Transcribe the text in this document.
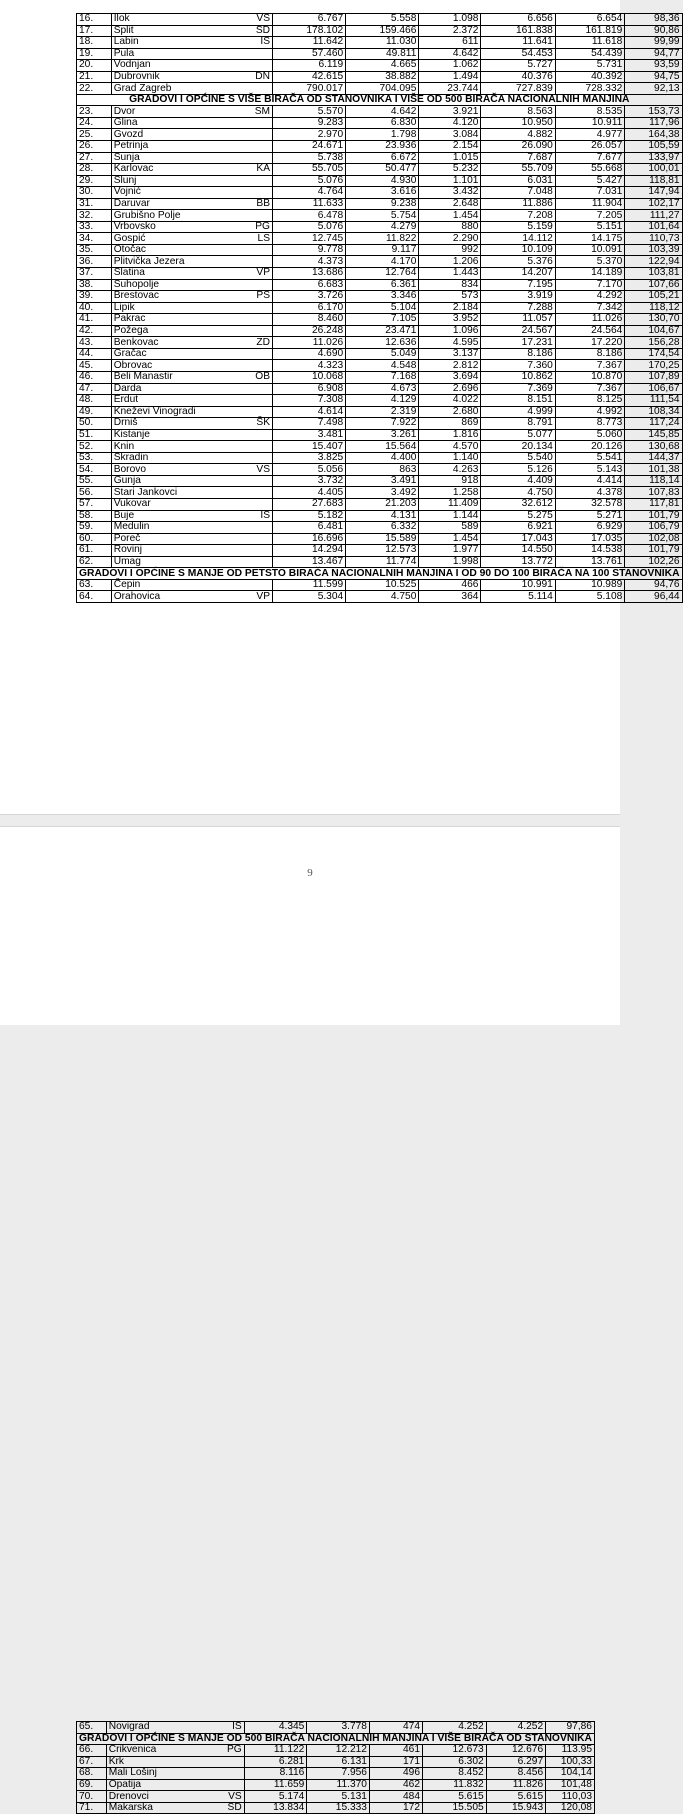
16.	Ilok	VS	6.767	5.558	1.098	6.656	6.654	98,36
17.	Split	SD	178.102	159.466	2.372	161.838	161.819	90,86
18.	Labin	IS	11.642	11.030	611	11.641	11.618	99,99
19.	Pula		57.460	49.811	4.642	54.453	54.439	94,77
20.	Vodnjan		6.119	4.665	1.062	5.727	5.731	93,59
21.	Dubrovnik	DN	42.615	38.882	1.494	40.376	40.392	94,75
22.	Grad Zagreb		790.017	704.095	23.744	727.839	728.332	92,13
GRADOVI I OPĆINE S VIŠE BIRAČA OD STANOVNIKA I VIŠE OD 500 BIRAČA NACIONALNIH MANJINA								
23.	Dvor	SM	5.570	4.642	3.921	8.563	8.535	153,73
24.	Glina		9.283	6.830	4.120	10.950	10.911	117,96
25.	Gvozd		2.970	1.798	3.084	4.882	4.977	164,38
26.	Petrinja		24.671	23.936	2.154	26.090	26.057	105,59
27.	Sunja		5.738	6.672	1.015	7.687	7.677	133,97
28.	Karlovac	KA	55.705	50.477	5.232	55.709	55.668	100,01
29.	Slunj		5.076	4.930	1.101	6.031	5.427	118,81
30.	Vojnić		4.764	3.616	3.432	7.048	7.031	147,94
31.	Daruvar	BB	11.633	9.238	2.648	11.886	11.904	102,17
32.	Grubišno Polje		6.478	5.754	1.454	7.208	7.205	111,27
33.	Vrbovsko	PG	5.076	4.279	880	5.159	5.151	101,64
34.	Gospić	LS	12.745	11.822	2.290	14.112	14.175	110,73
35.	Otočac		9.778	9.117	992	10.109	10.091	103,39
36.	Plitvička Jezera		4.373	4.170	1.206	5.376	5.370	122,94
37.	Slatina	VP	13.686	12.764	1.443	14.207	14.189	103,81
38.	Suhopolje		6.683	6.361	834	7.195	7.170	107,66
39.	Brestovac	PS	3.726	3.346	573	3.919	4.292	105,21
40.	Lipik		6.170	5.104	2.184	7.288	7.342	118,12
41.	Pakrac		8.460	7.105	3.952	11.057	11.026	130,70
42.	Požega		26.248	23.471	1.096	24.567	24.564	104,67
43.	Benkovac	ZD	11.026	12.636	4.595	17.231	17.220	156,28
44.	Gračac		4.690	5.049	3.137	8.186	8.186	174,54
45.	Obrovac		4.323	4.548	2.812	7.360	7.367	170,25
46.	Beli Manastir	OB	10.068	7.168	3.694	10.862	10.870	107,89
47.	Darda		6.908	4.673	2.696	7.369	7.367	106,67
48.	Erdut		7.308	4.129	4.022	8.151	8.125	111,54
49.	Kneževi Vinogradi		4.614	2.319	2.680	4.999	4.992	108,34
50.	Drniš	ŠK	7.498	7.922	869	8.791	8.773	117,24
51.	Kistanje		3.481	3.261	1.816	5.077	5.060	145,85
52.	Knin		15.407	15.564	4.570	20.134	20.126	130,68
53.	Skradin		3.825	4.400	1.140	5.540	5.541	144,37
54.	Borovo	VS	5.056	863	4.263	5.126	5.143	101,38
55.	Gunja		3.732	3.491	918	4.409	4.414	118,14
56.	Stari Jankovci		4.405	3.492	1.258	4.750	4.378	107,83
57.	Vukovar		27.683	21.203	11.409	32.612	32.578	117,81
58.	Buje	IS	5.182	4.131	1.144	5.275	5.271	101,79
59.	Medulin		6.481	6.332	589	6.921	6.929	106,79
60.	Poreč		16.696	15.589	1.454	17.043	17.035	102,08
61.	Rovinj		14.294	12.573	1.977	14.550	14.538	101,79
62.	Umag		13.467	11.774	1.998	13.772	13.761	102,26
GRADOVI I OPĆINE S MANJE OD PETSTO BIRAČA NACIONALNIH MANJINA I OD 90 DO 100 BIRAČA NA 100 STANOVNIKA								
63.	Čepin		11.599	10.525	466	10.991	10.989	94,76
64.	Orahovica	VP	5.304	4.750	364	5.114	5.108	96,44
9
65.	Novigrad	IS	4.345	3.778	474	4.252	4.252	97,86
GRADOVI I OPĆINE S MANJE OD 500 BIRAČA NACIONALNIH MANJINA I VIŠE BIRAČA OD STANOVNIKA								
66.	Crikvenica	PG	11.122	12.212	461	12.673	12.676	113.95
67.	Krk		6.281	6.131	171	6.302	6.297	100,33
68.	Mali Lošinj		8.116	7.956	496	8.452	8.456	104,14
69.	Opatija		11.659	11.370	462	11.832	11.826	101,48
70.	Drenovci	VS	5.174	5.131	484	5.615	5.615	110,03
71.	Makarska	SD	13.834	15.333	172	15.505	15.943	120,08
